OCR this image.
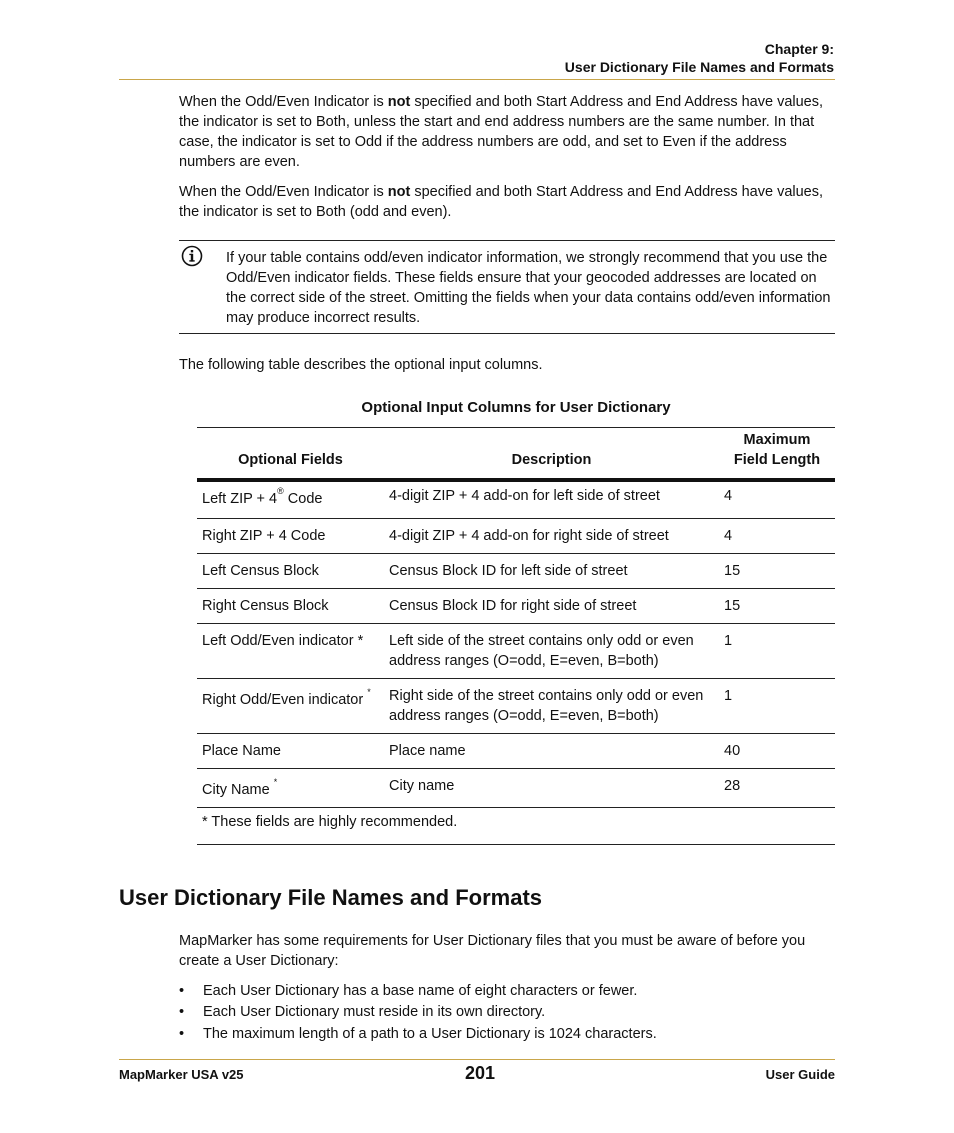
Chapter 9:
User Dictionary File Names and Formats
When the Odd/Even Indicator is not specified and both Start Address and End Address have values, the indicator is set to Both, unless the start and end address numbers are the same number. In that case, the indicator is set to Odd if the address numbers are odd, and set to Even if the address numbers are even.
When the Odd/Even Indicator is not specified and both Start Address and End Address have values, the indicator is set to Both (odd and even).
If your table contains odd/even indicator information, we strongly recommend that you use the Odd/Even indicator fields. These fields ensure that your geocoded addresses are located on the correct side of the street. Omitting the fields when your data contains odd/even information may produce incorrect results.
The following table describes the optional input columns.
Optional Input Columns for User Dictionary
Optional Fields	Description	Maximum
Field Length

Left ZIP + 4® Code	4-digit ZIP + 4 add-on for left side of street	4
Right ZIP + 4 Code	4-digit ZIP + 4 add-on for right side of street	4
Left Census Block	Census Block ID for left side of street	15
Right Census Block	Census Block ID for right side of street	15
Left Odd/Even indicator *	Left side of the street contains only odd or even address ranges (O=odd, E=even, B=both)	1
Right Odd/Even indicator *	Right side of the street contains only odd or even address ranges (O=odd, E=even, B=both)	1
Place Name	Place name	40
City Name *	City name	28
* These fields are highly recommended.		
User Dictionary File Names and Formats
MapMarker has some requirements for User Dictionary files that you must be aware of before you create a User Dictionary:
• Each User Dictionary has a base name of eight characters or fewer.
• Each User Dictionary must reside in its own directory.
• The maximum length of a path to a User Dictionary is 1024 characters.
MapMarker USA v25	201	User Guide
